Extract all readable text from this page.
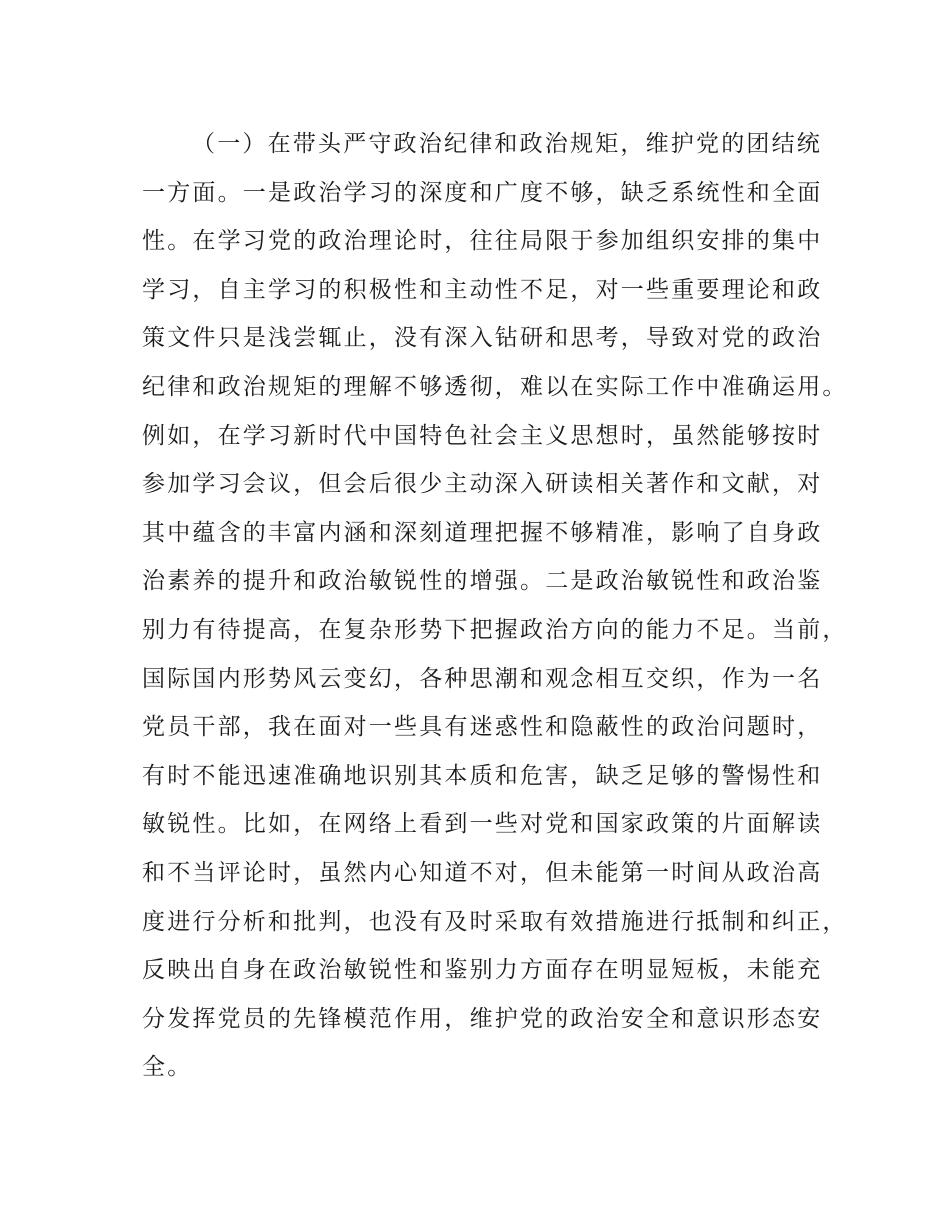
（一）在带头严守政治纪律和政治规矩，维护党的团结统
一方面。一是政治学习的深度和广度不够，缺乏系统性和全面
性。在学习党的政治理论时，往往局限于参加组织安排的集中
学习，自主学习的积极性和主动性不足，对一些重要理论和政
策文件只是浅尝辄止，没有深入钻研和思考，导致对党的政治
纪律和政治规矩的理解不够透彻，难以在实际工作中准确运用。
例如，在学习新时代中国特色社会主义思想时，虽然能够按时
参加学习会议，但会后很少主动深入研读相关著作和文献，对
其中蕴含的丰富内涵和深刻道理把握不够精准，影响了自身政
治素养的提升和政治敏锐性的增强。二是政治敏锐性和政治鉴
别力有待提高，在复杂形势下把握政治方向的能力不足。当前，
国际国内形势风云变幻，各种思潮和观念相互交织，作为一名
党员干部，我在面对一些具有迷惑性和隐蔽性的政治问题时，
有时不能迅速准确地识别其本质和危害，缺乏足够的警惕性和
敏锐性。比如，在网络上看到一些对党和国家政策的片面解读
和不当评论时，虽然内心知道不对，但未能第一时间从政治高
度进行分析和批判，也没有及时采取有效措施进行抵制和纠正，
反映出自身在政治敏锐性和鉴别力方面存在明显短板，未能充
分发挥党员的先锋模范作用，维护党的政治安全和意识形态安
全。
